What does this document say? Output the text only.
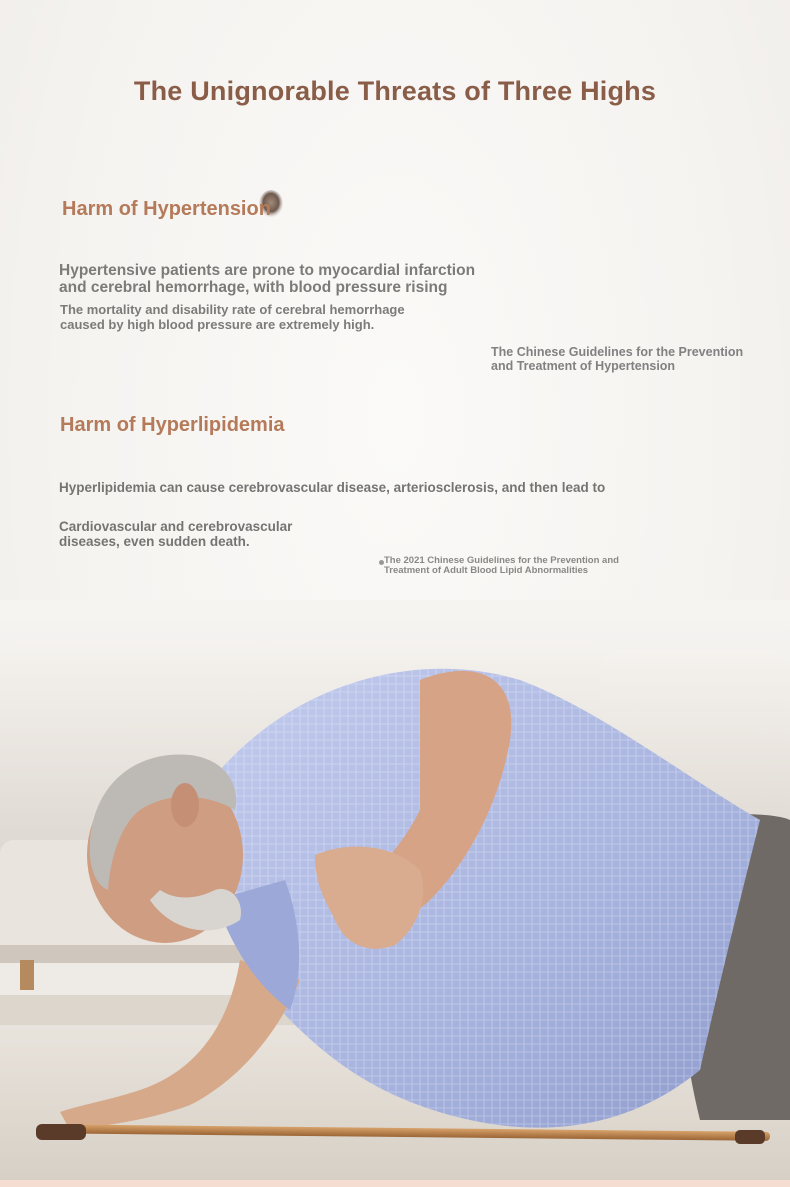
The Unignorable Threats of Three Highs
Harm of Hypertension

Hypertensive patients are prone to myocardial infarction
and cerebral hemorrhage, with blood pressure rising

The mortality and disability rate of cerebral hemorrhage
caused by high blood pressure are extremely high.

The Chinese Guidelines for the Prevention
and Treatment of Hypertension

Harm of Hyperlipidemia

Hyperlipidemia can cause cerebrovascular disease, arteriosclerosis, and then lead to

Cardiovascular and cerebrovascular
diseases, even sudden death.

The 2021 Chinese Guidelines for the Prevention and
Treatment of Adult Blood Lipid Abnormalities
